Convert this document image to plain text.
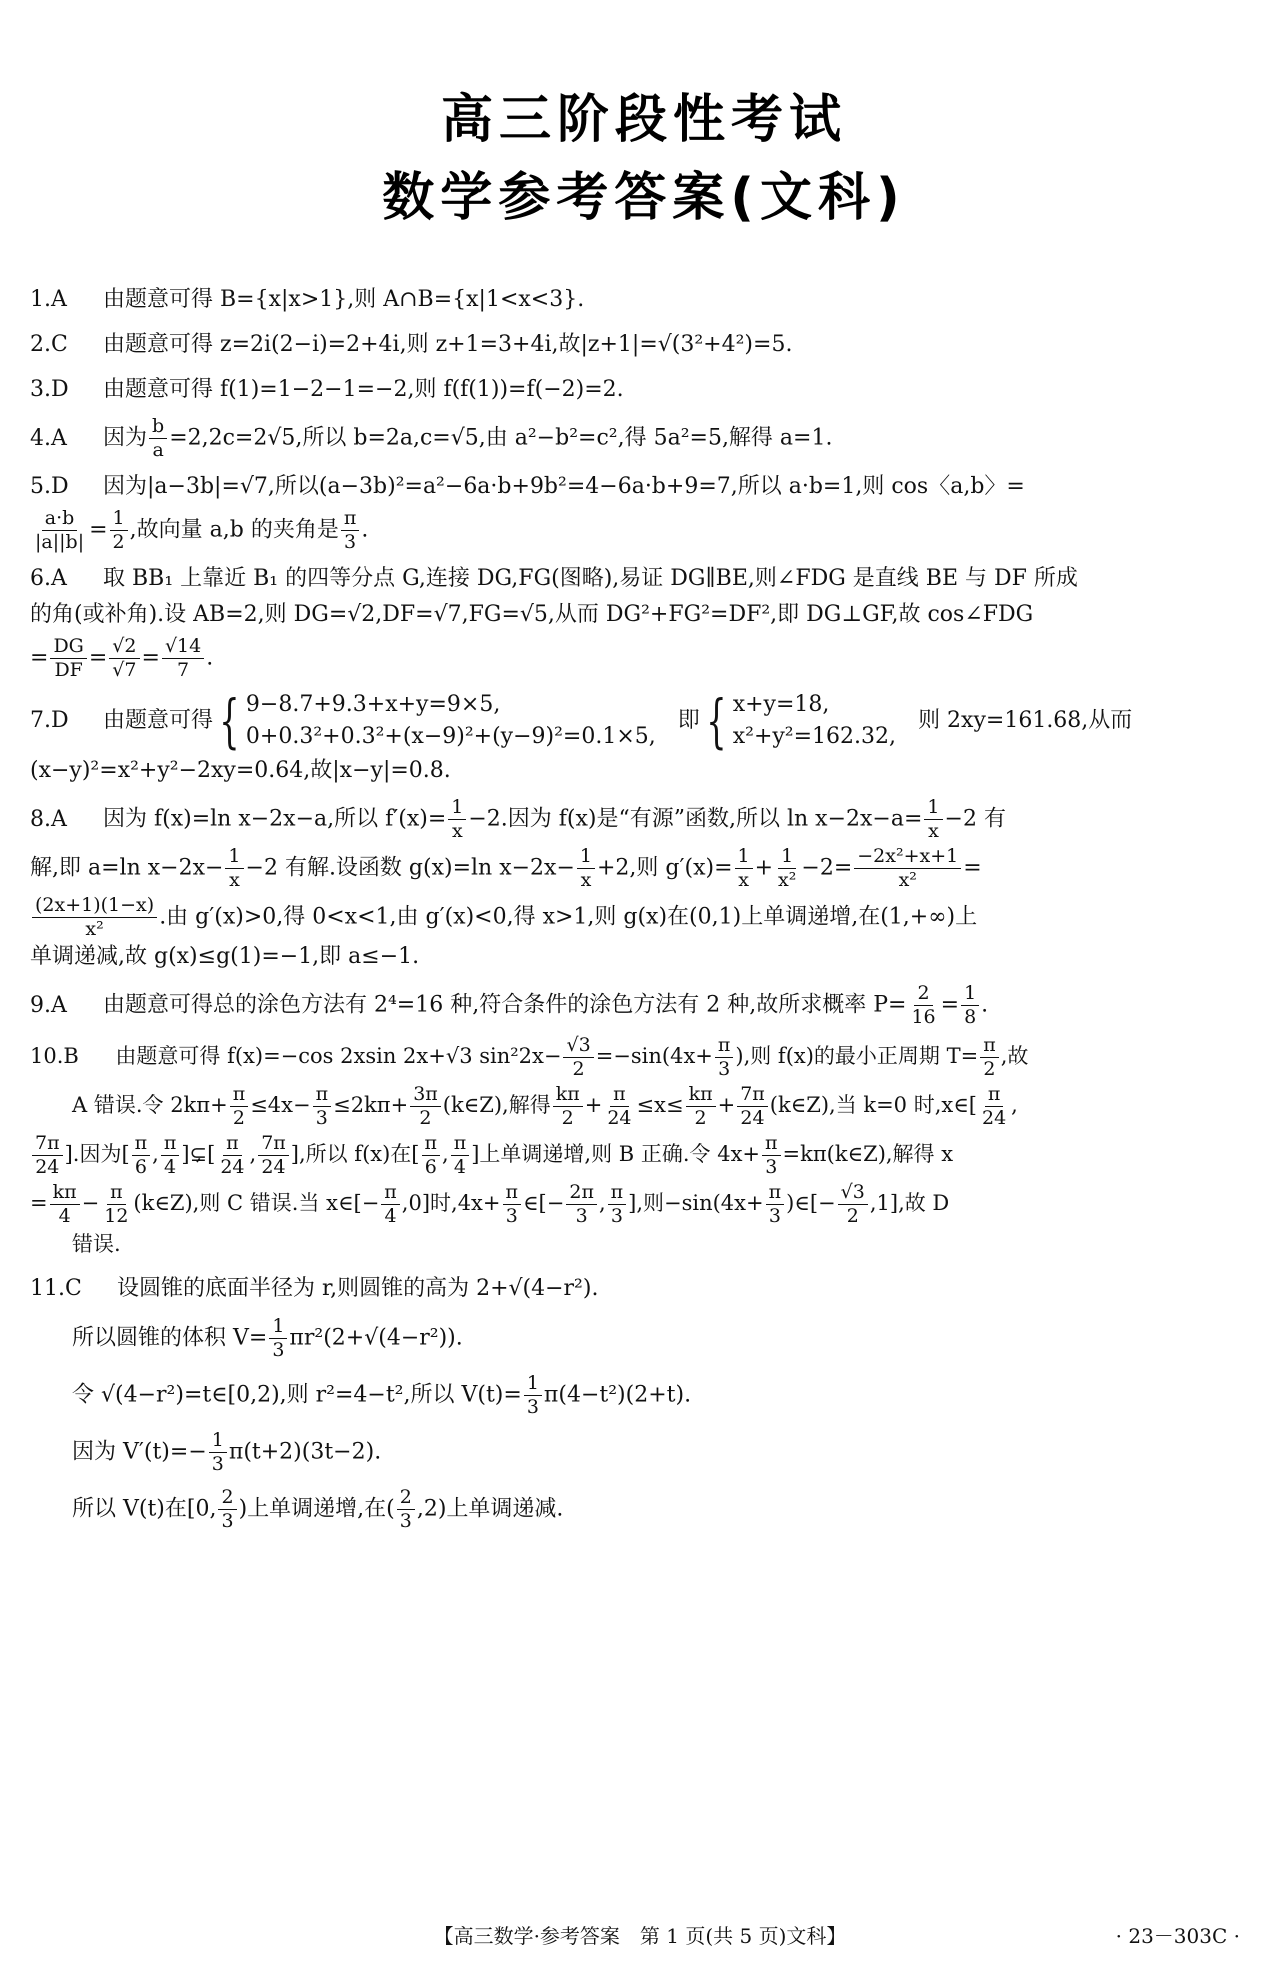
高三阶段性考试
数学参考答案(文科)
1.A 由题意可得 B={x|x>1},则 A∩B={x|1<x<3}.
2.C 由题意可得 z=2i(2−i)=2+4i,则 z+1=3+4i,故|z+1|=√(3²+4²)=5.
3.D 由题意可得 f(1)=1−2−1=−2,则 f(f(1))=f(−2)=2.
4.A 因为 $\frac{b}{a} =2,2c=2√5$,所以 b=2a,c=√5,由 a²−b²=c²,得 5a²=5,解得 a=1.
5.D 因为|a−3b|=√7,所以(a−3b)²=a²−6a·b+9b²=4−6a·b+9=7,所以 a·b=1,则 cos〈a,b〉=
$\frac{a\cdot b}{|a||b|} = \frac{1}{2}$ ,故向量 a,b 的夹角是 $\frac{\pi}{3}$ .
6.A 取 BB₁ 上靠近 B₁ 的四等分点 G,连接 DG,FG(图略),易证 DG∥BE,则∠FDG 是直线 BE 与 DF 所成
的角(或补角).设 AB=2,则 DG=√2,DF=√7,FG=√5,从而 DG²+FG²=DF²,即 DG⊥GF,故 cos∠FDG
= $\frac{DG}{DF} = \frac{√2}{√7} = \frac{√14}{7}$ .
7.D 由题意可得 { 9−8.7+9.3+x+y=9×5,
0+0.3²+0.3²+(x−9)²+(y−9)²=0.1×5,
　即 { x+y=18,
x²+y²=162.32,
　则 2xy=161.68,从而
(x−y)²=x²+y²−2xy=0.64,故|x−y|=0.8.
8.A 因为 f(x)=ln x−2x−a,所以 $f'(x)= \frac{1}{x} -2$.因为 f(x)是“有源”函数,所以 $\ln x-2x-a= \frac{1}{x} -2$ 有
解,即 a=ln $x-2x- \frac{1}{x} -2$ 有解.设函数 g(x)=ln $x-2x- \frac{1}{x} +2$,则 $g'(x)= \frac{1}{x} + \frac{1}{\text{x²}} -2= \frac{\text{−2x²+x+1}}{\text{x²}}$ =
$\frac{(2x+1)(1-x)}{\text{x²}}$ .由 g′(x)>0,得 0<x<1,由 g′(x)<0,得 x>1,则 g(x)在(0,1)上单调递增,在(1,+∞)上
单调递减,故 g(x)≤g(1)=−1,即 a≤−1.
9.A 由题意可得总的涂色方法有 2⁴=16 种,符合条件的涂色方法有 2 种,故所求概率 $P= \frac{2}{16} = \frac{1}{8}$ .
10.B 由题意可得 f(x)=−cos 2xsin 2x+√3 $\sin^22x- \frac{√3}{2} =-\sin(4x+ \frac{\pi}{3}$ ),则 f(x)的最小正周期 $T= \frac{\pi}{2}$ ,故
A 错误.令 $2k\pi+ \frac{\pi}{2} \le 4x- \frac{\pi}{3} \le 2k\pi+ \frac{3\pi}{2}$ (k∈Z),解得 $\frac{k\pi}{2} + \frac{\pi}{24} \le x\le \frac{k\pi}{2} + \frac{7\pi}{24}$ (k∈Z),当 k=0 时,x∈[ $\frac{\pi}{24}$ ,
$\frac{7\pi}{24}$ ].因为[ $\frac{\pi}{6}$ , $\frac{\pi}{4}$ ]⊊[ $\frac{\pi}{24}$ , $\frac{7\pi}{24}$ ],所以 f(x)在[ $\frac{\pi}{6}$ , $\frac{\pi}{4}$ ]上单调递增,则 B 正确.令 $4x+ \frac{\pi}{3}$ =kπ(k∈Z),解得 x
= $\frac{k\pi}{4} - \frac{\pi}{12}$ (k∈Z),则 C 错误.当 x∈[− $\frac{\pi}{4} ,0$]时$,4x+ \frac{\pi}{3}$ ∈[− $\frac{2\pi}{3}$ , $\frac{\pi}{3}$ ],则$-\sin(4x+ \frac{\pi}{3}$ )∈[− $\frac{√3}{2} ,1$],故 D
错误.
11.C 设圆锥的底面半径为 r,则圆锥的高为 2+√(4−r²).
所以圆锥的体积 $V= \frac{1}{3} \pi r^2(2+√(4-r^2))$.
令 √(4−r²)=t∈[0,2),则 r²=4−t²,所以 $V(t)= \frac{1}{3} \pi(4-t^2)(2+t)$.
因为 $V'(t)=- \frac{1}{3} \pi(t+2)(3t-2)$.
所以 V(t)在[0, $\frac{2}{3}$ )上单调递增,在( $\frac{2}{3} ,2$)上单调递减.
【高三数学·参考答案　第 1 页(共 5 页)文科】	· 23－303C ·
